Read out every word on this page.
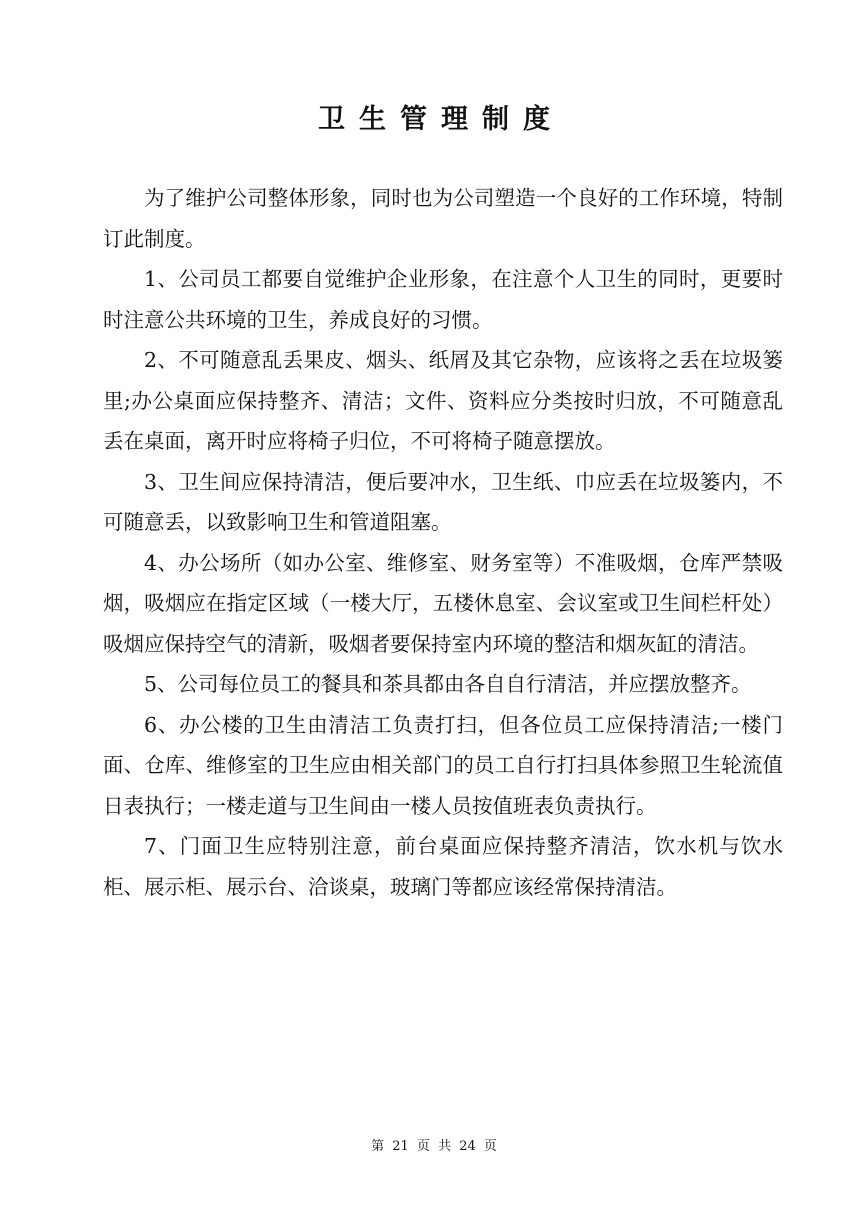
卫生管理制度

为了维护公司整体形象，同时也为公司塑造一个良好的工作环境，特制订此制度。

1、公司员工都要自觉维护企业形象，在注意个人卫生的同时，更要时时注意公共环境的卫生，养成良好的习惯。

2、不可随意乱丢果皮、烟头、纸屑及其它杂物，应该将之丢在垃圾篓里;办公桌面应保持整齐、清洁；文件、资料应分类按时归放，不可随意乱丢在桌面，离开时应将椅子归位，不可将椅子随意摆放。

3、卫生间应保持清洁，便后要冲水，卫生纸、巾应丢在垃圾篓内，不可随意丢，以致影响卫生和管道阻塞。

4、办公场所（如办公室、维修室、财务室等）不准吸烟，仓库严禁吸烟，吸烟应在指定区域（一楼大厅，五楼休息室、会议室或卫生间栏杆处）吸烟应保持空气的清新，吸烟者要保持室内环境的整洁和烟灰缸的清洁。

5、公司每位员工的餐具和茶具都由各自自行清洁，并应摆放整齐。

6、办公楼的卫生由清洁工负责打扫，但各位员工应保持清洁;一楼门面、仓库、维修室的卫生应由相关部门的员工自行打扫具体参照卫生轮流值日表执行；一楼走道与卫生间由一楼人员按值班表负责执行。

7、门面卫生应特别注意，前台桌面应保持整齐清洁，饮水机与饮水柜、展示柜、展示台、洽谈桌，玻璃门等都应该经常保持清洁。

第 21 页 共 24 页
